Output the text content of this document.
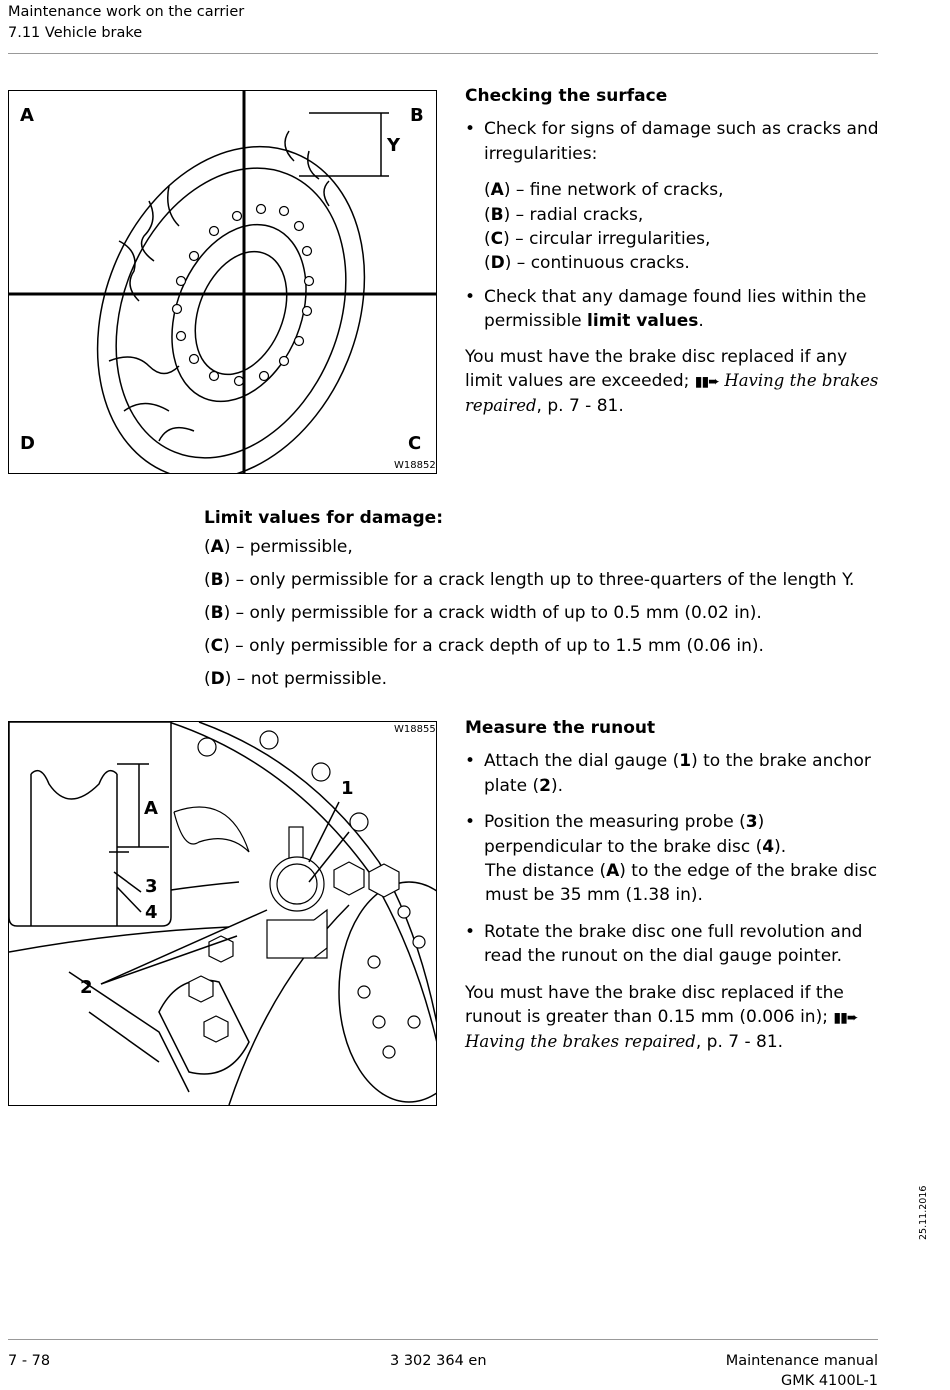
Maintenance work on the carrier
7.11 Vehicle brake
A	B
Y
D	C
W18852

Checking the surface

• Check for signs of damage such as cracks and irregularities:

(A) – fine network of cracks,

(B) – radial cracks,

(C) – circular irregularities,

(D) – continuous cracks.

• Check that any damage found lies within the permissible limit values.

You must have the brake disc replaced if any limit values are exceeded; ▮▮➨ Having the brakes repaired, p. 7 - 81.

Limit values for damage:
(A) – permissible,
(B) – only permissible for a crack length up to three-quarters of the length Y.
(B) – only permissible for a crack width of up to 0.5 mm (0.02 in).
(C) – only permissible for a crack depth of up to 1.5 mm (0.06 in).
(D) – not permissible.
A
3
4
2
1
W18855 Measure the runout

• Attach the dial gauge (1) to the brake anchor plate (2).

• Position the measuring probe (3) perpendicular to the brake disc (4).

The distance (A) to the edge of the brake disc must be 35 mm (1.38 in).

• Rotate the brake disc one full revolution and read the runout on the dial gauge pointer.

You must have the brake disc replaced if the runout is greater than 0.15 mm (0.006 in); ▮▮➨ Having the brakes repaired, p. 7 - 81.

25.11.2016
7 - 78	3 302 364 en	Maintenance manual
GMK 4100L-1
